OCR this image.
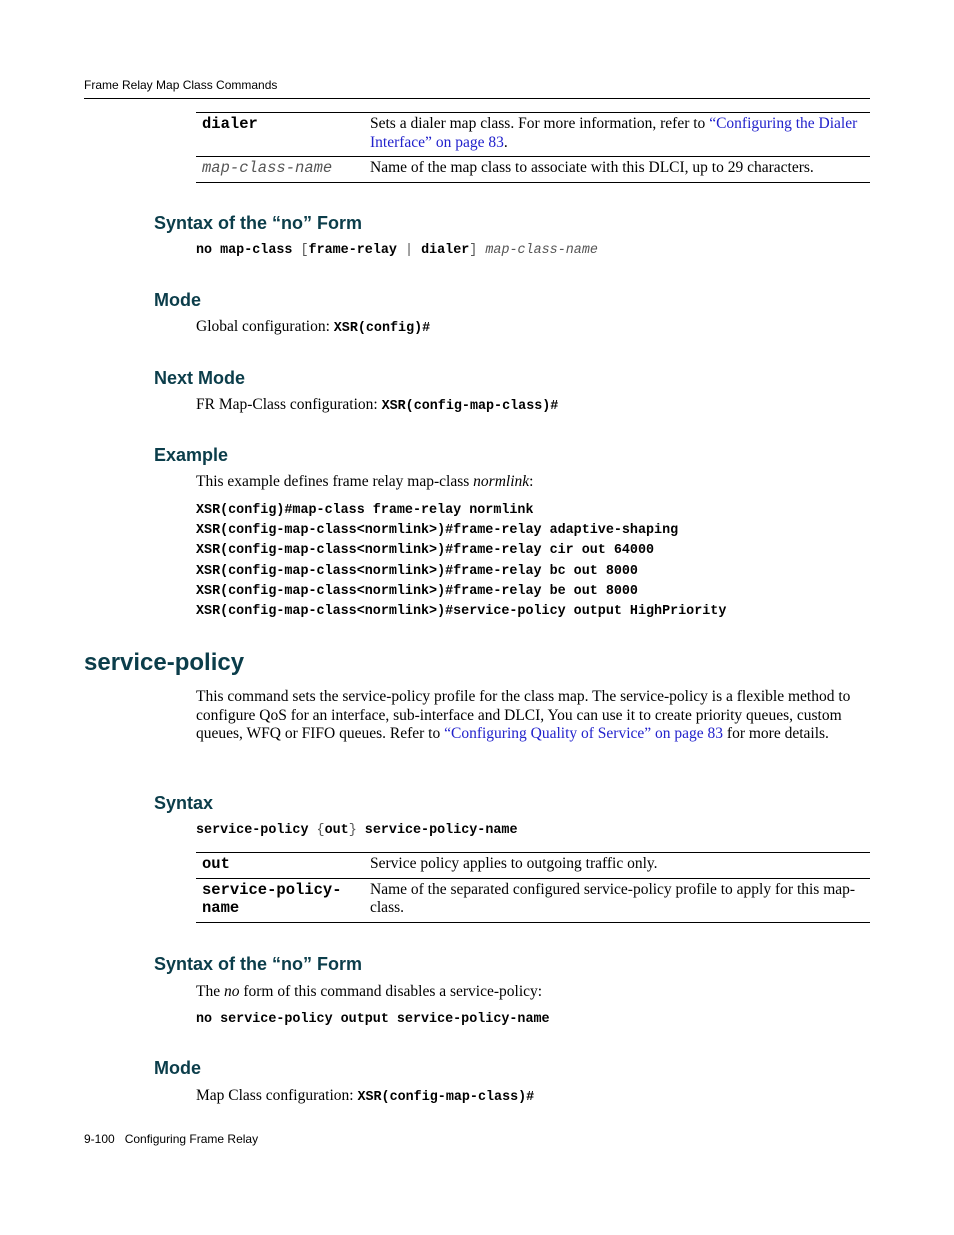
Frame Relay Map Class Commands
dialer	Sets a dialer map class. For more information, refer to “Configuring the Dialer Interface” on page 83.
map-class-name	Name of the map class to associate with this DLCI, up to 29 characters.
Syntax of the “no” Form
no map-class [frame-relay | dialer] map-class-name
Mode
Global configuration: XSR(config)#
Next Mode
FR Map-Class configuration: XSR(config-map-class)#
Example
This example defines frame relay map-class normlink:
XSR(config)#map-class frame-relay normlink
XSR(config-map-class<normlink>)#frame-relay adaptive-shaping
XSR(config-map-class<normlink>)#frame-relay cir out 64000
XSR(config-map-class<normlink>)#frame-relay bc out 8000
XSR(config-map-class<normlink>)#frame-relay be out 8000
XSR(config-map-class<normlink>)#service-policy output HighPriority
service-policy
This command sets the service-policy profile for the class map. The service-policy is a flexible method to configure QoS for an interface, sub-interface and DLCI, You can use it to create priority queues, custom queues, WFQ or FIFO queues. Refer to “Configuring Quality of Service” on page 83 for more details.
Syntax
service-policy {out} service-policy-name
out	Service policy applies to outgoing traffic only.
service-policy-
name	Name of the separated configured service-policy profile to apply for this map-class.
Syntax of the “no” Form
The no form of this command disables a service-policy:
no service-policy output service-policy-name
Mode
Map Class configuration: XSR(config-map-class)#
9-100 Configuring Frame Relay
